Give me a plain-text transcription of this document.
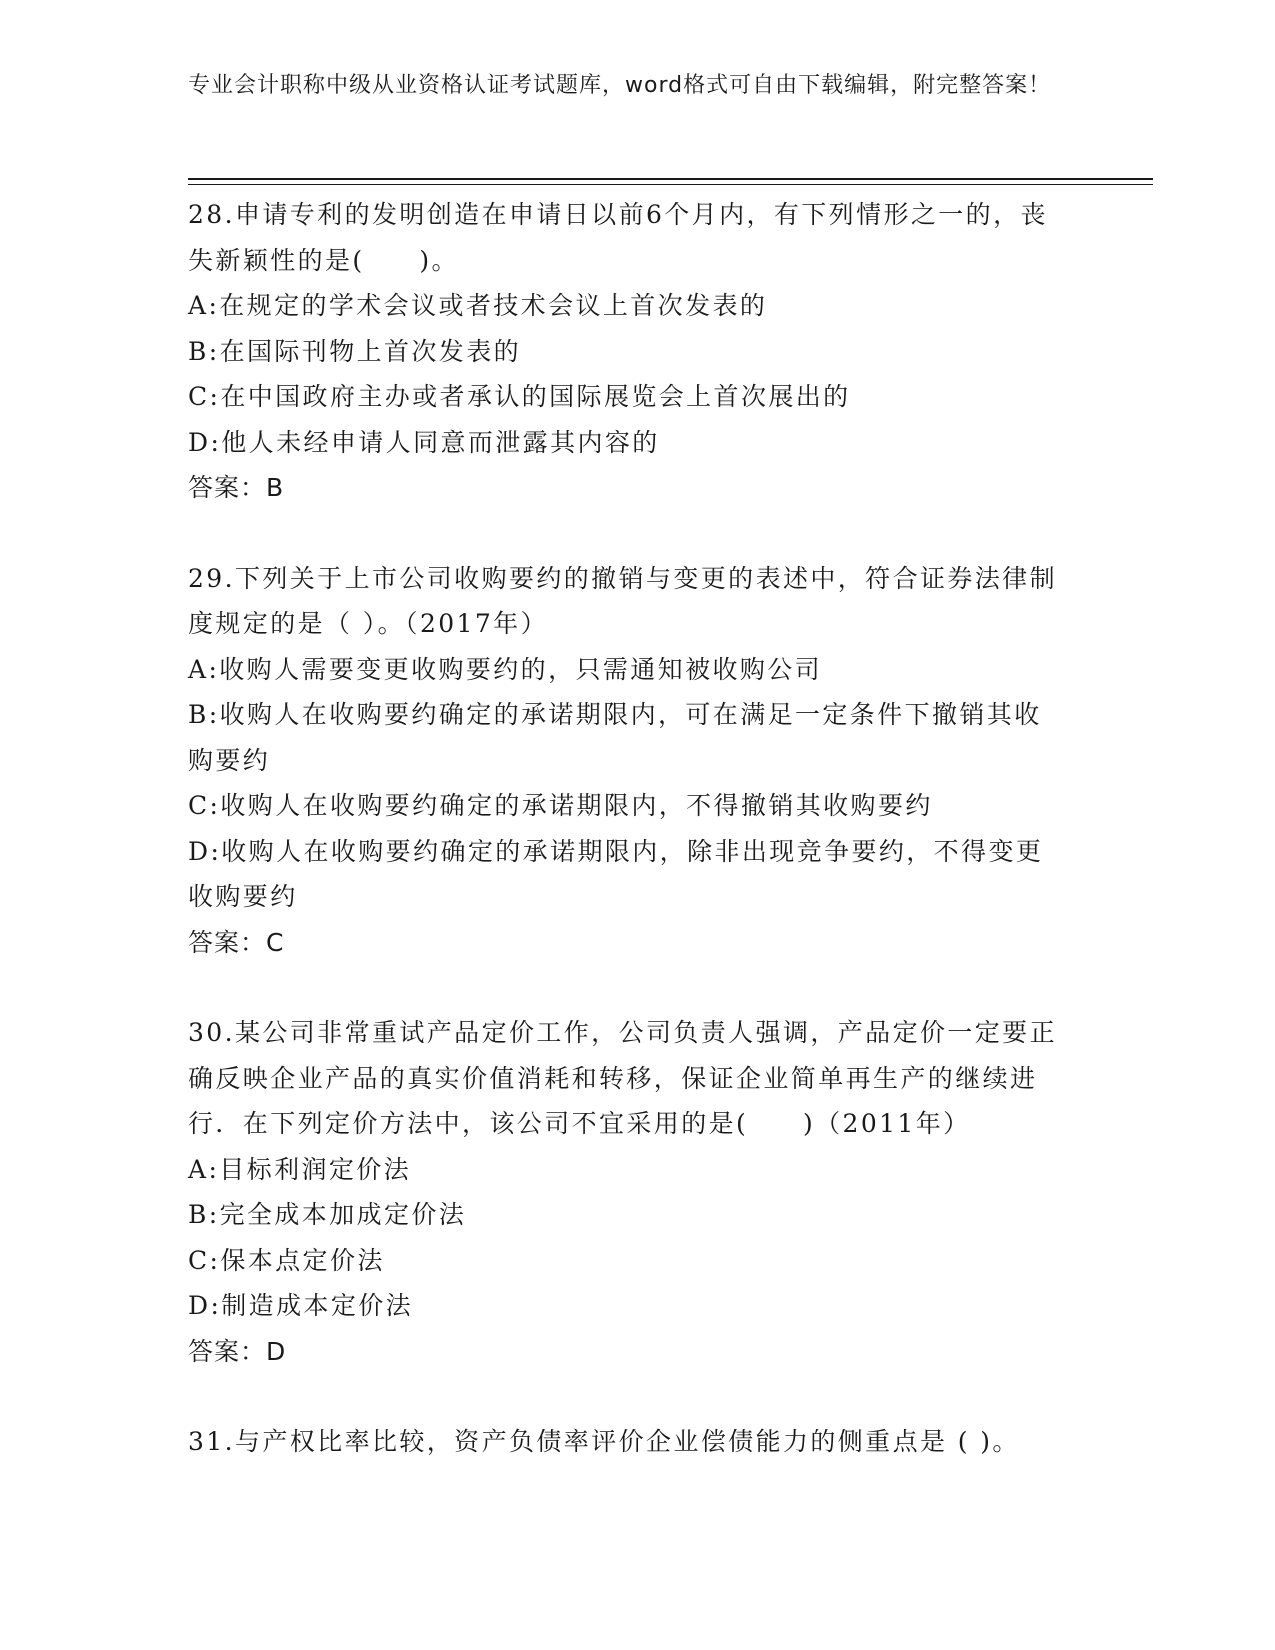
专业会计职称中级从业资格认证考试题库，word格式可自由下载编辑，附完整答案！

28.申请专利的发明创造在申请日以前6个月内，有下列情形之一的，丧失新颖性的是(　　)。

A:在规定的学术会议或者技术会议上首次发表的

B:在国际刊物上首次发表的

C:在中国政府主办或者承认的国际展览会上首次展出的

D:他人未经申请人同意而泄露其内容的

答案：B

29.下列关于上市公司收购要约的撤销与变更的表述中，符合证券法律制度规定的是（ ）。（2017年）

A:收购人需要变更收购要约的，只需通知被收购公司

B:收购人在收购要约确定的承诺期限内，可在满足一定条件下撤销其收购要约

C:收购人在收购要约确定的承诺期限内，不得撤销其收购要约

D:收购人在收购要约确定的承诺期限内，除非出现竞争要约，不得变更收购要约

答案：C

30.某公司非常重试产品定价工作，公司负责人强调，产品定价一定要正确反映企业产品的真实价值消耗和转移，保证企业简单再生产的继续进行．在下列定价方法中，该公司不宜采用的是(　　)（2011年）

A:目标利润定价法

B:完全成本加成定价法

C:保本点定价法

D:制造成本定价法

答案：D

31.与产权比率比较，资产负债率评价企业偿债能力的侧重点是 ( )。
